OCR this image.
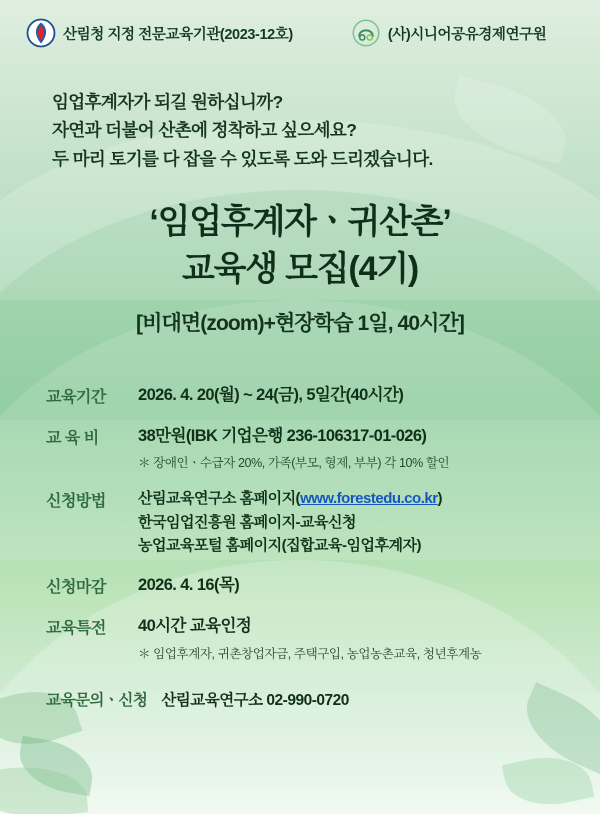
산림청 지정 전문교육기관(2023-12호)	(사)시니어공유경제연구원
임업후계자가 되길 원하십니까?
자연과 더불어 산촌에 정착하고 싶으세요?
두 마리 토기를 다 잡을 수 있도록 도와 드리겠습니다.
‘임업후계자ㆍ귀산촌’
교육생 모집(4기)
[비대면(zoom)+현장학습 1일, 40시간]
교육기간	2026. 4. 20(월) ~ 24(금), 5일간(40시간)
교 육 비	38만원(IBK 기업은행 236-106317-01-026)
＊ 장애인ㆍ수급자 20%, 가족(부모, 형제, 부부) 각 10% 할인
신청방법	산림교육연구소 홈페이지(www.forestedu.co.kr)
한국임업진흥원 홈페이지-교육신청
농업교육포털 홈페이지(집합교육-임업후계자)
신청마감	2026. 4. 16(목)
교육특전	40시간 교육인정
＊ 임업후계자, 귀촌창업자금, 주택구입, 농업농촌교육, 청년후계농
교육문의ㆍ신청 산림교육연구소 02-990-0720
